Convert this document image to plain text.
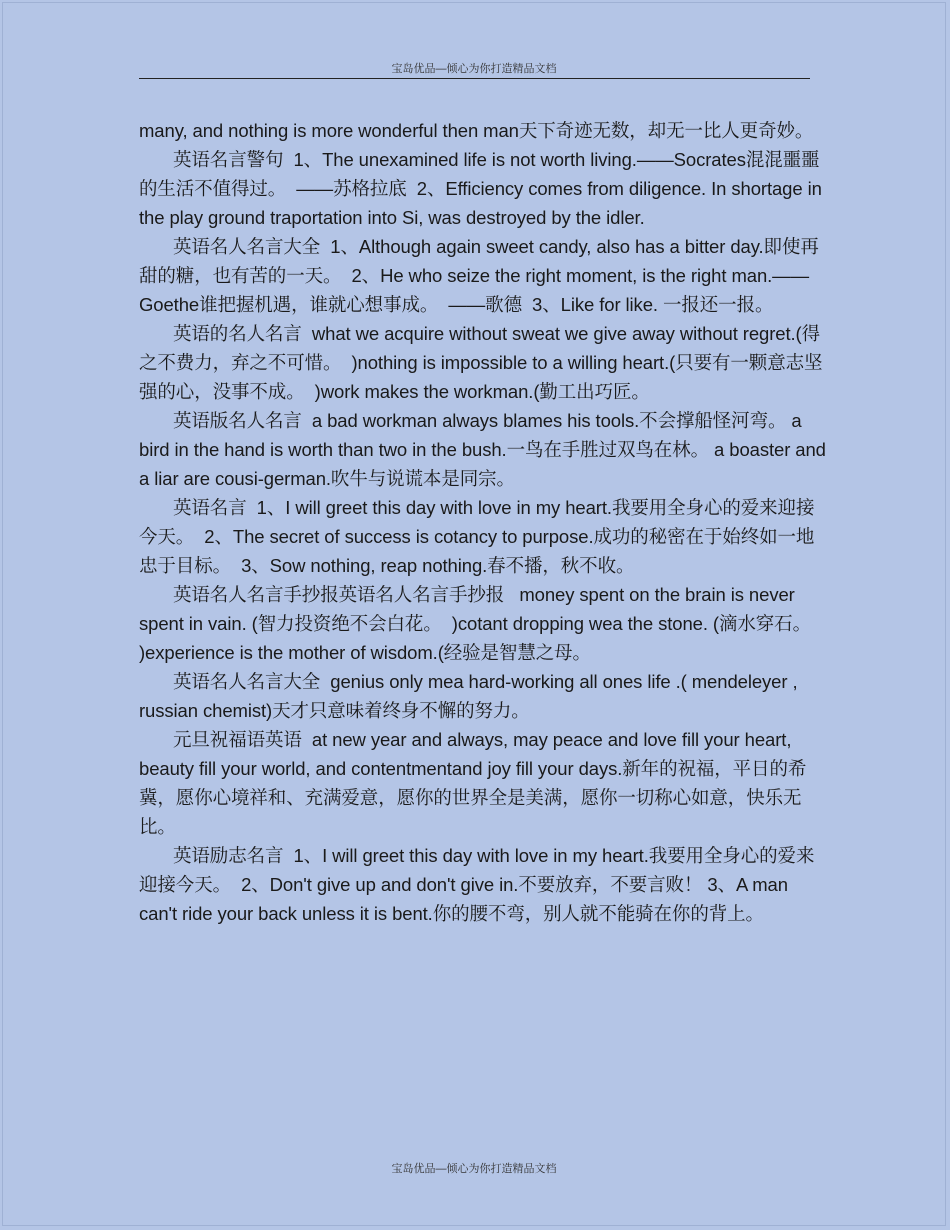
宝岛优品—倾心为你打造精品文档

many, and nothing is more wonderful then man天下奇迹无数，却无一比人更奇妙。

英语名言警句  1、The unexamined life is not worth living.——Socrates混混噩噩的生活不值得过。  ——苏格拉底  2、Efficiency comes from diligence. In shortage in the play ground traportation into Si, was destroyed by the idler.

英语名人名言大全  1、Although again sweet candy, also has a bitter day.即使再甜的糖，也有苦的一天。  2、He who seize the right moment, is the right man.——Goethe谁把握机遇，谁就心想事成。  ——歌德  3、Like for like. 一报还一报。

英语的名人名言  what we acquire without sweat we give away without regret.(得之不费力，弃之不可惜。  )nothing is impossible to a willing heart.(只要有一颗意志坚强的心，没事不成。  )work makes the workman.(勤工出巧匠。

英语版名人名言  a bad workman always blames his tools.不会撑船怪河弯。 a bird in the hand is worth than two in the bush.一鸟在手胜过双鸟在林。 a boaster and a liar are cousi-german.吹牛与说谎本是同宗。

英语名言  1、I will greet this day with love in my heart.我要用全身心的爱来迎接今天。  2、The secret of success is cotancy to purpose.成功的秘密在于始终如一地忠于目标。  3、Sow nothing, reap nothing.春不播，秋不收。

英语名人名言手抄报英语名人名言手抄报   money spent on the brain is never spent in vain. (智力投资绝不会白花。  )cotant dropping wea the stone. (滴水穿石。 )experience is the mother of wisdom.(经验是智慧之母。

英语名人名言大全  genius only mea hard-working all ones life .( mendeleyer , russian chemist)天才只意味着终身不懈的努力。

元旦祝福语英语  at new year and always, may peace and love fill your heart, beauty fill your world, and contentmentand joy fill your days.新年的祝福，平日的希冀，愿你心境祥和、充满爱意，愿你的世界全是美满，愿你一切称心如意，快乐无比。

英语励志名言  1、I will greet this day with love in my heart.我要用全身心的爱来迎接今天。  2、Don't give up and don't give in.不要放弃，不要言败！ 3、A man can't ride your back unless it is bent.你的腰不弯，别人就不能骑在你的背上。

宝岛优品—倾心为你打造精品文档
